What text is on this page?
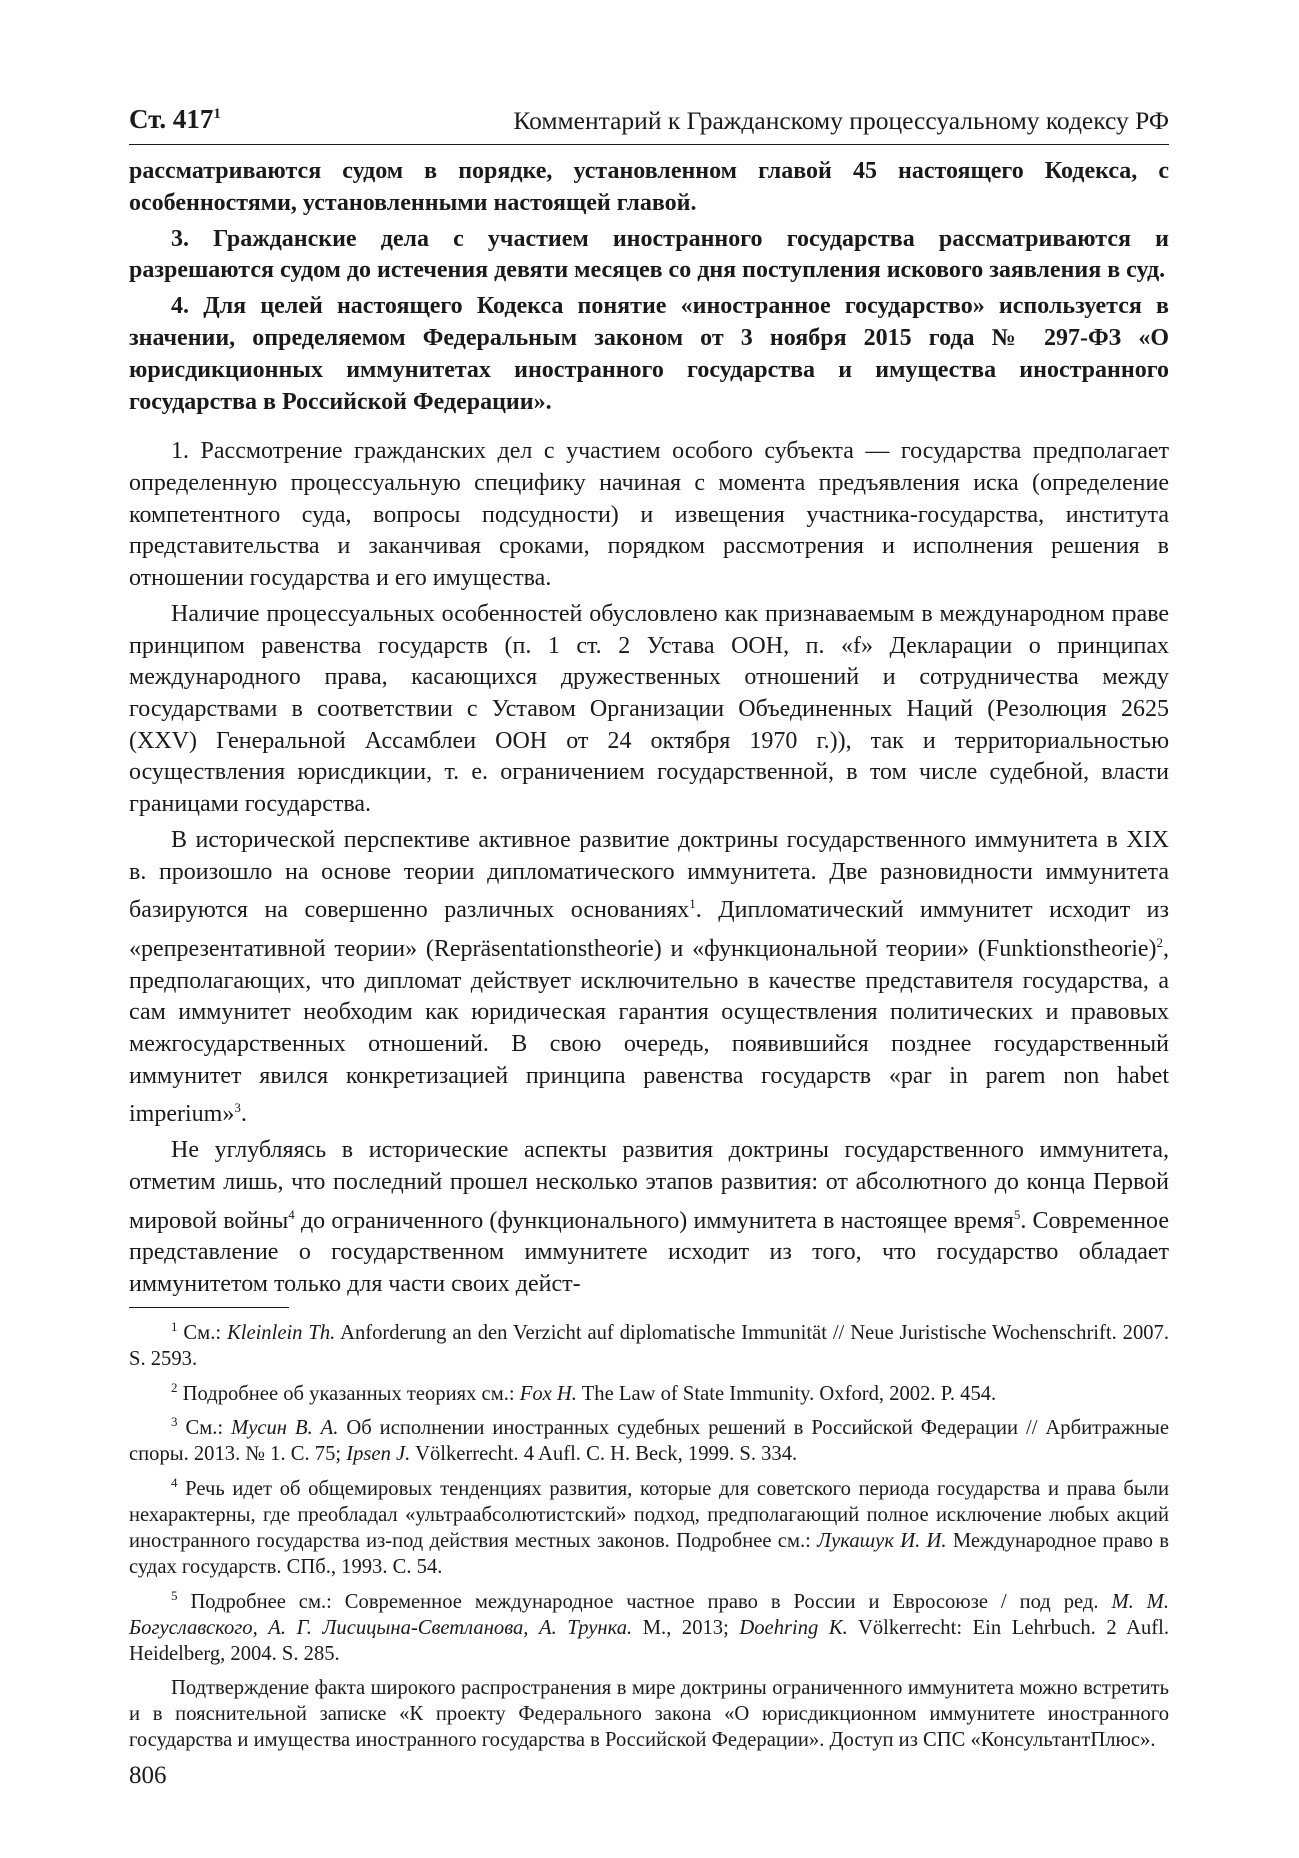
Ст. $417^1$	Комментарий к Гражданскому процессуальному кодексу РФ

рассматриваются судом в порядке, установленном главой 45 настоящего Кодекса, с особенностями, установленными настоящей главой.

3. Гражданские дела с участием иностранного государства рассматриваются и разрешаются судом до истечения девяти месяцев со дня поступления искового заявления в суд.

4. Для целей настоящего Кодекса понятие «иностранное государство» используется в значении, определяемом Федеральным законом от 3 ноября 2015 года № 297-ФЗ «О юрисдикционных иммунитетах иностранного государства и имущества иностранного государства в Российской Федерации».

1. Рассмотрение гражданских дел с участием особого субъекта — государства предполагает определенную процессуальную специфику начиная с момента предъявления иска (определение компетентного суда, вопросы подсудности) и извещения участника-государства, института представительства и заканчивая сроками, порядком рассмотрения и исполнения решения в отношении государства и его имущества.

Наличие процессуальных особенностей обусловлено как признаваемым в международном праве принципом равенства государств (п. 1 ст. 2 Устава ООН, п. «f» Декларации о принципах международного права, касающихся дружественных отношений и сотрудничества между государствами в соответствии с Уставом Организации Объединенных Наций (Резолюция 2625 (XXV) Генеральной Ассамблеи ООН от 24 октября 1970 г.)), так и территориальностью осуществления юрисдикции, т. е. ограничением государственной, в том числе судебной, власти границами государства.

В исторической перспективе активное развитие доктрины государственного иммунитета в XIX в. произошло на основе теории дипломатического иммунитета. Две разновидности иммунитета базируются на совершенно различных основаниях$^1$. Дипломатический иммунитет исходит из «репрезентативной теории» (Repräsentationstheorie) и «функциональной теории» (Funktionstheorie)$^2$, предполагающих, что дипломат действует исключительно в качестве представителя государства, а сам иммунитет необходим как юридическая гарантия осуществления политических и правовых межгосударственных отношений. В свою очередь, появившийся позднее государственный иммунитет явился конкретизацией принципа равенства государств «par in parem non habet imperium»$^3$.

Не углубляясь в исторические аспекты развития доктрины государственного иммунитета, отметим лишь, что последний прошел несколько этапов развития: от абсолютного до конца Первой мировой войны$^4$ до ограниченного (функционального) иммунитета в настоящее время$^5$. Современное представление о государственном иммунитете исходит из того, что государство обладает иммунитетом только для части своих дейст-

$^1$ См.: Kleinlein Th. Anforderung an den Verzicht auf diplomatische Immunität // Neue Juristische Wochenschrift. 2007. S. 2593.

$^2$ Подробнее об указанных теориях см.: Fox H. The Law of State Immunity. Oxford, 2002. P. 454.

$^3$ См.: Мусин В. А. Об исполнении иностранных судебных решений в Российской Федерации // Арбитражные споры. 2013. № 1. С. 75; Ipsen J. Völkerrecht. 4 Aufl. C. H. Beck, 1999. S. 334.

$^4$ Речь идет об общемировых тенденциях развития, которые для советского периода государства и права были нехарактерны, где преобладал «ультраабсолютистский» подход, предполагающий полное исключение любых акций иностранного государства из-под действия местных законов. Подробнее см.: Лукашук И. И. Международное право в судах государств. СПб., 1993. С. 54.

$^5$ Подробнее см.: Современное международное частное право в России и Евросоюзе / под ред. М. М. Богуславского, А. Г. Лисицына-Светланова, А. Трунка. М., 2013; Doehring K. Völkerrecht: Ein Lehrbuch. 2 Aufl. Heidelberg, 2004. S. 285.

Подтверждение факта широкого распространения в мире доктрины ограниченного иммунитета можно встретить и в пояснительной записке «К проекту Федерального закона «О юрисдикционном иммунитете иностранного государства и имущества иностранного государства в Российской Федерации». Доступ из СПС «КонсультантПлюс».

806
